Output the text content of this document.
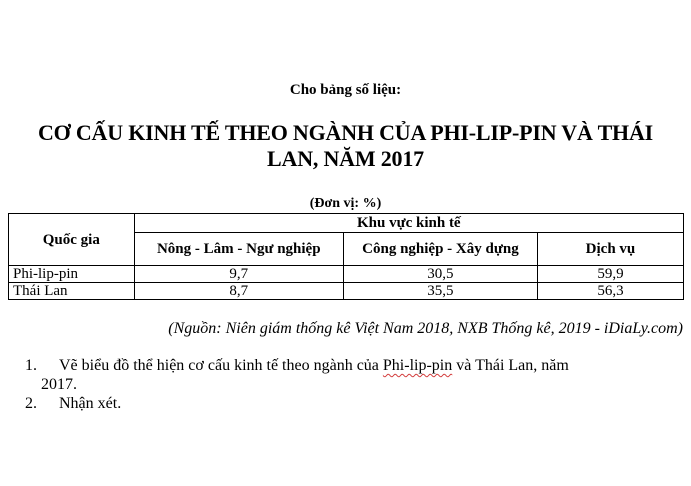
Cho bảng số liệu:
CƠ CẤU KINH TẾ THEO NGÀNH CỦA PHI-LIP-PIN VÀ THÁI
LAN, NĂM 2017
(Đơn vị: %)
Quốc gia	Khu vực kinh tế		
	Nông - Lâm - Ngư nghiệp	Công nghiệp - Xây dựng	Dịch vụ
Phi-lip-pin	9,7	30,5	59,9
Thái Lan	8,7	35,5	56,3
(Nguồn: Niên giám thống kê Việt Nam 2018, NXB Thống kê, 2019 - iDiaLy.com)
1. Vẽ biểu đồ thể hiện cơ cấu kinh tế theo ngành của Phi-lip-pin và Thái Lan, năm
2017.
2. Nhận xét.
